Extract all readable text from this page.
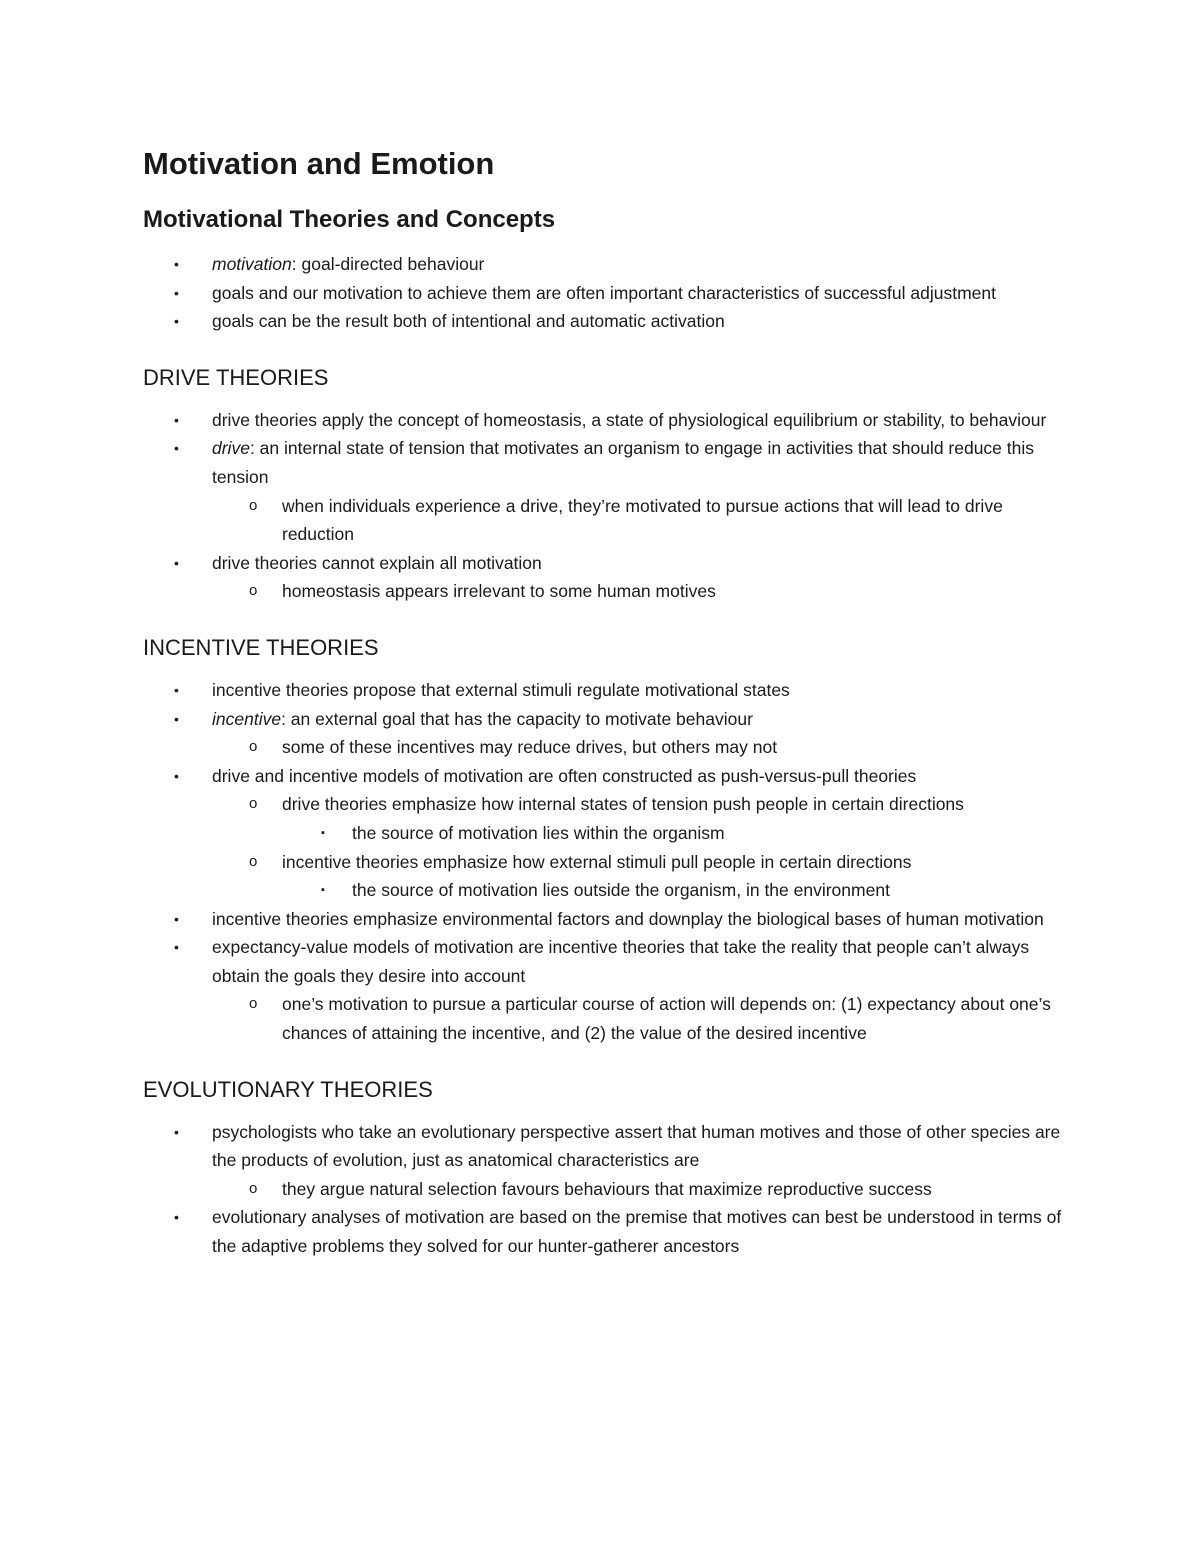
Motivation and Emotion
Motivational Theories and Concepts
• motivation: goal-directed behaviour
• goals and our motivation to achieve them are often important characteristics of successful adjustment
• goals can be the result both of intentional and automatic activation
DRIVE THEORIES
• drive theories apply the concept of homeostasis, a state of physiological equilibrium or stability, to behaviour
• drive: an internal state of tension that motivates an organism to engage in activities that should reduce this tension
o when individuals experience a drive, they’re motivated to pursue actions that will lead to drive reduction
• drive theories cannot explain all motivation
o homeostasis appears irrelevant to some human motives
INCENTIVE THEORIES
• incentive theories propose that external stimuli regulate motivational states
• incentive: an external goal that has the capacity to motivate behaviour
o some of these incentives may reduce drives, but others may not
• drive and incentive models of motivation are often constructed as push-versus-pull theories
o drive theories emphasize how internal states of tension push people in certain directions
▪ the source of motivation lies within the organism
o incentive theories emphasize how external stimuli pull people in certain directions
▪ the source of motivation lies outside the organism, in the environment
• incentive theories emphasize environmental factors and downplay the biological bases of human motivation
• expectancy-value models of motivation are incentive theories that take the reality that people can’t always obtain the goals they desire into account
o one’s motivation to pursue a particular course of action will depends on: (1) expectancy about one’s chances of attaining the incentive, and (2) the value of the desired incentive
EVOLUTIONARY THEORIES
• psychologists who take an evolutionary perspective assert that human motives and those of other species are the products of evolution, just as anatomical characteristics are
o they argue natural selection favours behaviours that maximize reproductive success
• evolutionary analyses of motivation are based on the premise that motives can best be understood in terms of the adaptive problems they solved for our hunter-gatherer ancestors
